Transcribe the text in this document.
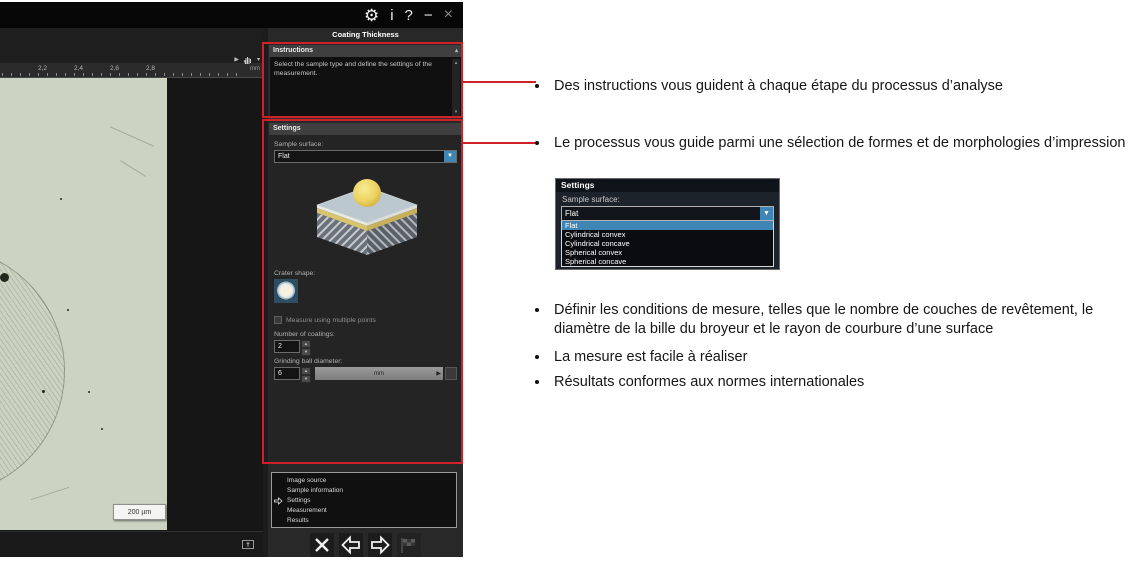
⚙ i ? − ×
▶	▾
2,2	2,4	2,6	2,8	mm
200 µm
Coating Thickness
Instructions	▴
Select the sample type and define the settings of the measurement.
▴
▾
Settings
Sample surface:
Flat	▼
Crater shape:
Measure using multiple points
Number of coatings:
2	▲
▼
Grinding ball diameter:
6	▲
▼
mm	▶
Image source
Sample information
Settings
Measurement
Results
Des instructions vous guident à chaque étape du processus d’analyse
Le processus vous guide parmi une sélection de formes et de morphologies d’impression
Définir les conditions de mesure, telles que le nombre de couches de revêtement, le diamètre de la bille du broyeur et le rayon de courbure d’une surface
La mesure est facile à réaliser
Résultats conformes aux normes internationales
Settings
Sample surface:
Flat	▼
Flat
Cylindrical convex
Cylindrical concave
Spherical convex
Spherical concave
